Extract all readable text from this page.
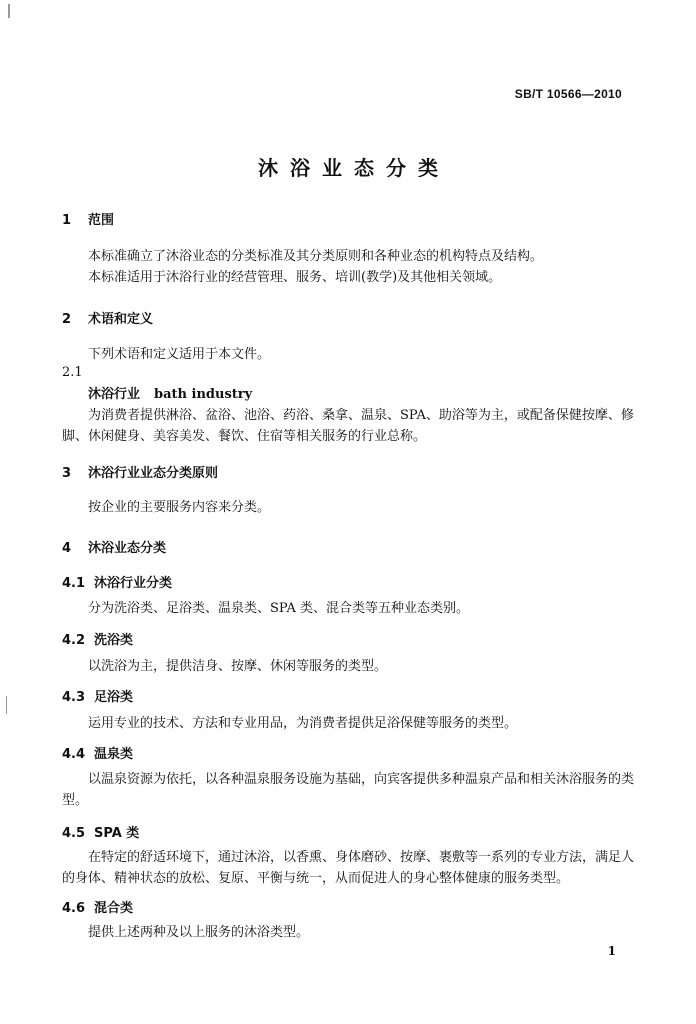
SB/T 10566—2010
沐浴业态分类
1 范围
本标准确立了沐浴业态的分类标准及其分类原则和各种业态的机构特点及结构。
本标准适用于沐浴行业的经营管理、服务、培训(教学)及其他相关领域。
2 术语和定义
下列术语和定义适用于本文件。
2.1
沐浴行业 bath industry
为消费者提供淋浴、盆浴、池浴、药浴、桑拿、温泉、SPA、助浴等为主，或配备保健按摩、修脚、休闲健身、美容美发、餐饮、住宿等相关服务的行业总称。
3 沐浴行业业态分类原则
按企业的主要服务内容来分类。
4 沐浴业态分类
4.1 沐浴行业分类
分为洗浴类、足浴类、温泉类、SPA 类、混合类等五种业态类别。
4.2 洗浴类
以洗浴为主，提供洁身、按摩、休闲等服务的类型。
4.3 足浴类
运用专业的技术、方法和专业用品，为消费者提供足浴保健等服务的类型。
4.4 温泉类
以温泉资源为依托，以各种温泉服务设施为基础，向宾客提供多种温泉产品和相关沐浴服务的类型。
4.5 SPA 类
在特定的舒适环境下，通过沐浴，以香熏、身体磨砂、按摩、裹敷等一系列的专业方法，满足人的身体、精神状态的放松、复原、平衡与统一，从而促进人的身心整体健康的服务类型。
4.6 混合类
提供上述两种及以上服务的沐浴类型。
1
